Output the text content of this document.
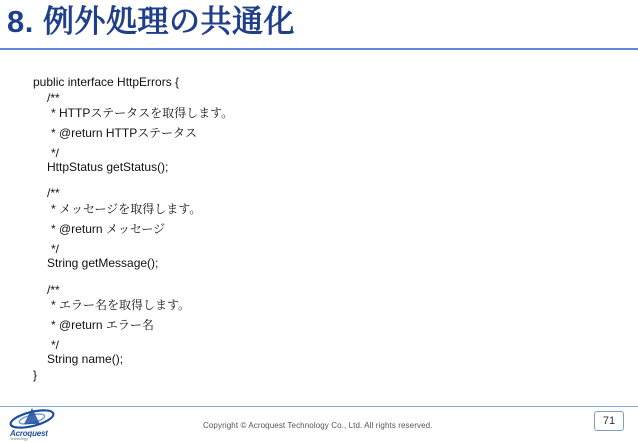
8. 例外処理の共通化
public interface HttpErrors {
/**
* HTTPステータスを取得します。
* @return HTTPステータス
*/
HttpStatus getStatus();
/**
* メッセージを取得します。
* @return メッセージ
*/
String getMessage();
/**
* エラー名を取得します。
* @return エラー名
*/
String name();
}
Acroquest
Technology
Copyright © Acroquest Technology Co., Ltd. All rights reserved.	71
